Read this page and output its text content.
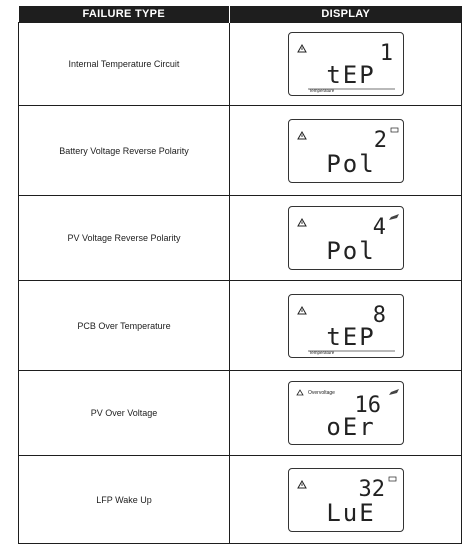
FAILURE TYPE	DISPLAY
Internal Temperature Circuit	1
tEP
Temperature

Battery Voltage Reverse Polarity	2
Pol

PV Voltage Reverse Polarity	4
Pol

PCB Over Temperature	8
tEP
Temperature

PV Over Voltage	Overvoltage 16
oEr

LFP Wake Up	32
LuE
